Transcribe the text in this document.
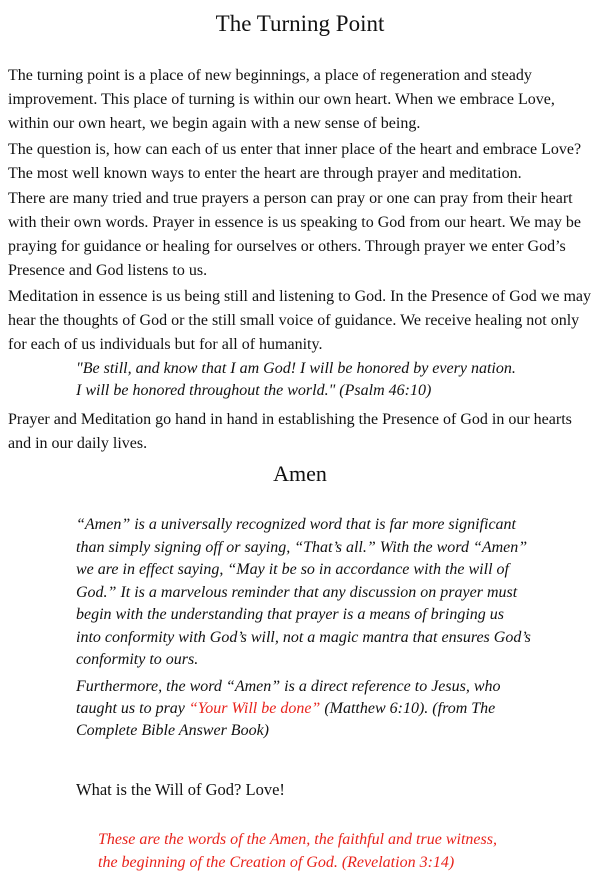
The Turning Point

The turning point is a place of new beginnings, a place of regeneration and steady improvement. This place of turning is within our own heart. When we embrace Love, within our own heart, we begin again with a new sense of being.

The question is, how can each of us enter that inner place of the heart and embrace Love? The most well known ways to enter the heart are through prayer and meditation.

There are many tried and true prayers a person can pray or one can pray from their heart with their own words. Prayer in essence is us speaking to God from our heart. We may be praying for guidance or healing for ourselves or others. Through prayer we enter God’s Presence and God listens to us.

Meditation in essence is us being still and listening to God. In the Presence of God we may hear the thoughts of God or the still small voice of guidance. We receive healing not only for each of us individuals but for all of humanity.

"Be still, and know that I am God! I will be honored by every nation.
I will be honored throughout the world." (Psalm 46:10)

Prayer and Meditation go hand in hand in establishing the Presence of God in our hearts and in our daily lives.

Amen

“Amen” is a universally recognized word that is far more significant than simply signing off or saying, “That’s all.” With the word “Amen” we are in effect saying, “May it be so in accordance with the will of God.” It is a marvelous reminder that any discussion on prayer must begin with the understanding that prayer is a means of bringing us into conformity with God’s will, not a magic mantra that ensures God’s conformity to ours.

Furthermore, the word “Amen” is a direct reference to Jesus, who taught us to pray “Your Will be done” (Matthew 6:10). (from The Complete Bible Answer Book)

What is the Will of God? Love!

These are the words of the Amen, the faithful and true witness,
the beginning of the Creation of God. (Revelation 3:14)
